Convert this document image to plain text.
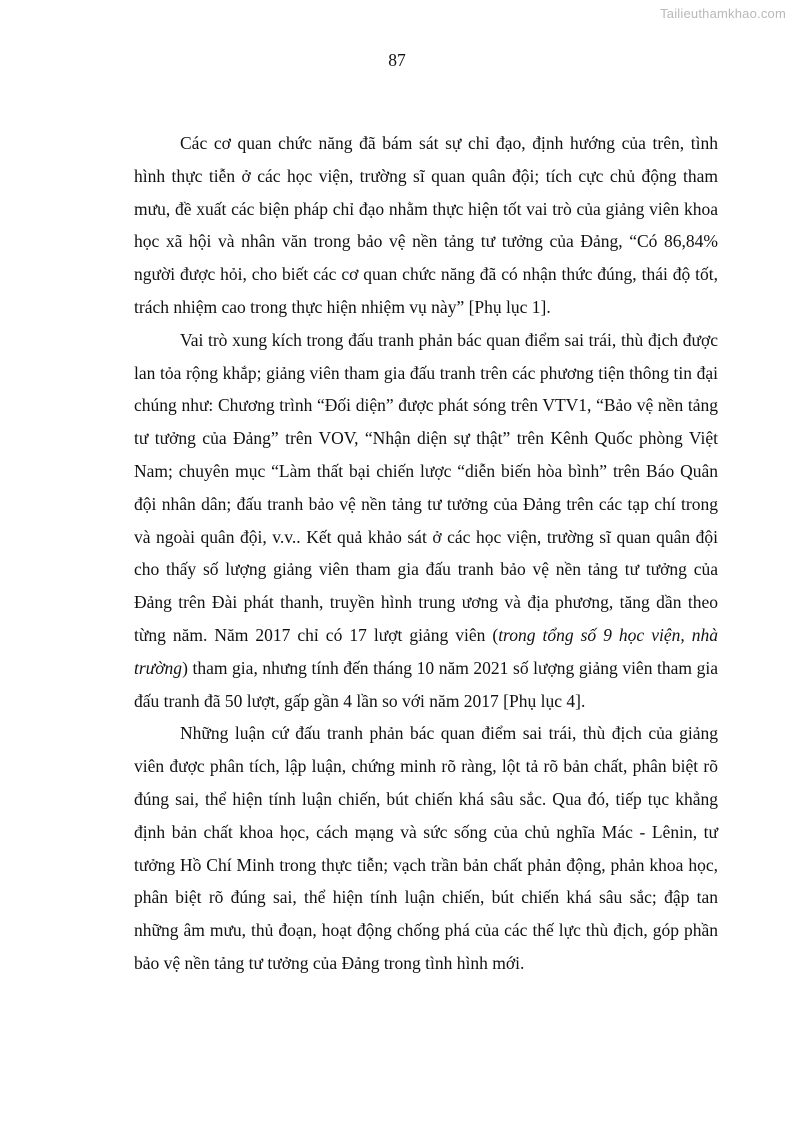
Tailieuthamkhao.com
87

Các cơ quan chức năng đã bám sát sự chỉ đạo, định hướng của trên, tình hình thực tiễn ở các học viện, trường sĩ quan quân đội; tích cực chủ động tham mưu, đề xuất các biện pháp chỉ đạo nhằm thực hiện tốt vai trò của giảng viên khoa học xã hội và nhân văn trong bảo vệ nền tảng tư tưởng của Đảng, “Có 86,84% người được hỏi, cho biết các cơ quan chức năng đã có nhận thức đúng, thái độ tốt, trách nhiệm cao trong thực hiện nhiệm vụ này” [Phụ lục 1].

Vai trò xung kích trong đấu tranh phản bác quan điểm sai trái, thù địch được lan tỏa rộng khắp; giảng viên tham gia đấu tranh trên các phương tiện thông tin đại chúng như: Chương trình “Đối diện” được phát sóng trên VTV1, “Bảo vệ nền tảng tư tưởng của Đảng” trên VOV, “Nhận diện sự thật” trên Kênh Quốc phòng Việt Nam; chuyên mục “Làm thất bại chiến lược “diễn biến hòa bình” trên Báo Quân đội nhân dân; đấu tranh bảo vệ nền tảng tư tưởng của Đảng trên các tạp chí trong và ngoài quân đội, v.v.. Kết quả khảo sát ở các học viện, trường sĩ quan quân đội cho thấy số lượng giảng viên tham gia đấu tranh bảo vệ nền tảng tư tưởng của Đảng trên Đài phát thanh, truyền hình trung ương và địa phương, tăng dần theo từng năm. Năm 2017 chỉ có 17 lượt giảng viên (trong tổng số 9 học viện, nhà trường) tham gia, nhưng tính đến tháng 10 năm 2021 số lượng giảng viên tham gia đấu tranh đã 50 lượt, gấp gần 4 lần so với năm 2017 [Phụ lục 4].

Những luận cứ đấu tranh phản bác quan điểm sai trái, thù địch của giảng viên được phân tích, lập luận, chứng minh rõ ràng, lột tả rõ bản chất, phân biệt rõ đúng sai, thể hiện tính luận chiến, bút chiến khá sâu sắc. Qua đó, tiếp tục khẳng định bản chất khoa học, cách mạng và sức sống của chủ nghĩa Mác - Lênin, tư tưởng Hồ Chí Minh trong thực tiễn; vạch trần bản chất phản động, phản khoa học, phân biệt rõ đúng sai, thể hiện tính luận chiến, bút chiến khá sâu sắc; đập tan những âm mưu, thủ đoạn, hoạt động chống phá của các thế lực thù địch, góp phần bảo vệ nền tảng tư tưởng của Đảng trong tình hình mới.
